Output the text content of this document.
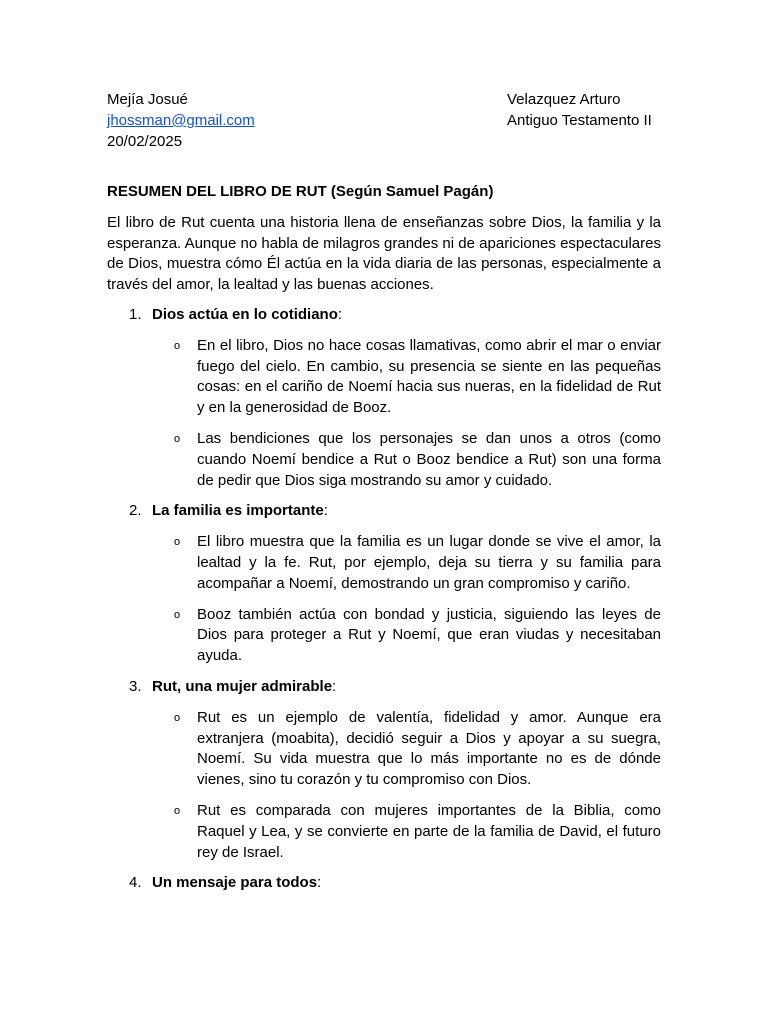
Mejía Josué
jhossman@gmail.com
20/02/2025
Velazquez Arturo
Antiguo Testamento II
RESUMEN DEL LIBRO DE RUT (Según Samuel Pagán)
El libro de Rut cuenta una historia llena de enseñanzas sobre Dios, la familia y la esperanza. Aunque no habla de milagros grandes ni de apariciones espectaculares de Dios, muestra cómo Él actúa en la vida diaria de las personas, especialmente a través del amor, la lealtad y las buenas acciones.
1. Dios actúa en lo cotidiano:
o En el libro, Dios no hace cosas llamativas, como abrir el mar o enviar fuego del cielo. En cambio, su presencia se siente en las pequeñas cosas: en el cariño de Noemí hacia sus nueras, en la fidelidad de Rut y en la generosidad de Booz.
o Las bendiciones que los personajes se dan unos a otros (como cuando Noemí bendice a Rut o Booz bendice a Rut) son una forma de pedir que Dios siga mostrando su amor y cuidado.
2. La familia es importante:
o El libro muestra que la familia es un lugar donde se vive el amor, la lealtad y la fe. Rut, por ejemplo, deja su tierra y su familia para acompañar a Noemí, demostrando un gran compromiso y cariño.
o Booz también actúa con bondad y justicia, siguiendo las leyes de Dios para proteger a Rut y Noemí, que eran viudas y necesitaban ayuda.
3. Rut, una mujer admirable:
o Rut es un ejemplo de valentía, fidelidad y amor. Aunque era extranjera (moabita), decidió seguir a Dios y apoyar a su suegra, Noemí. Su vida muestra que lo más importante no es de dónde vienes, sino tu corazón y tu compromiso con Dios.
o Rut es comparada con mujeres importantes de la Biblia, como Raquel y Lea, y se convierte en parte de la familia de David, el futuro rey de Israel.
4. Un mensaje para todos:
